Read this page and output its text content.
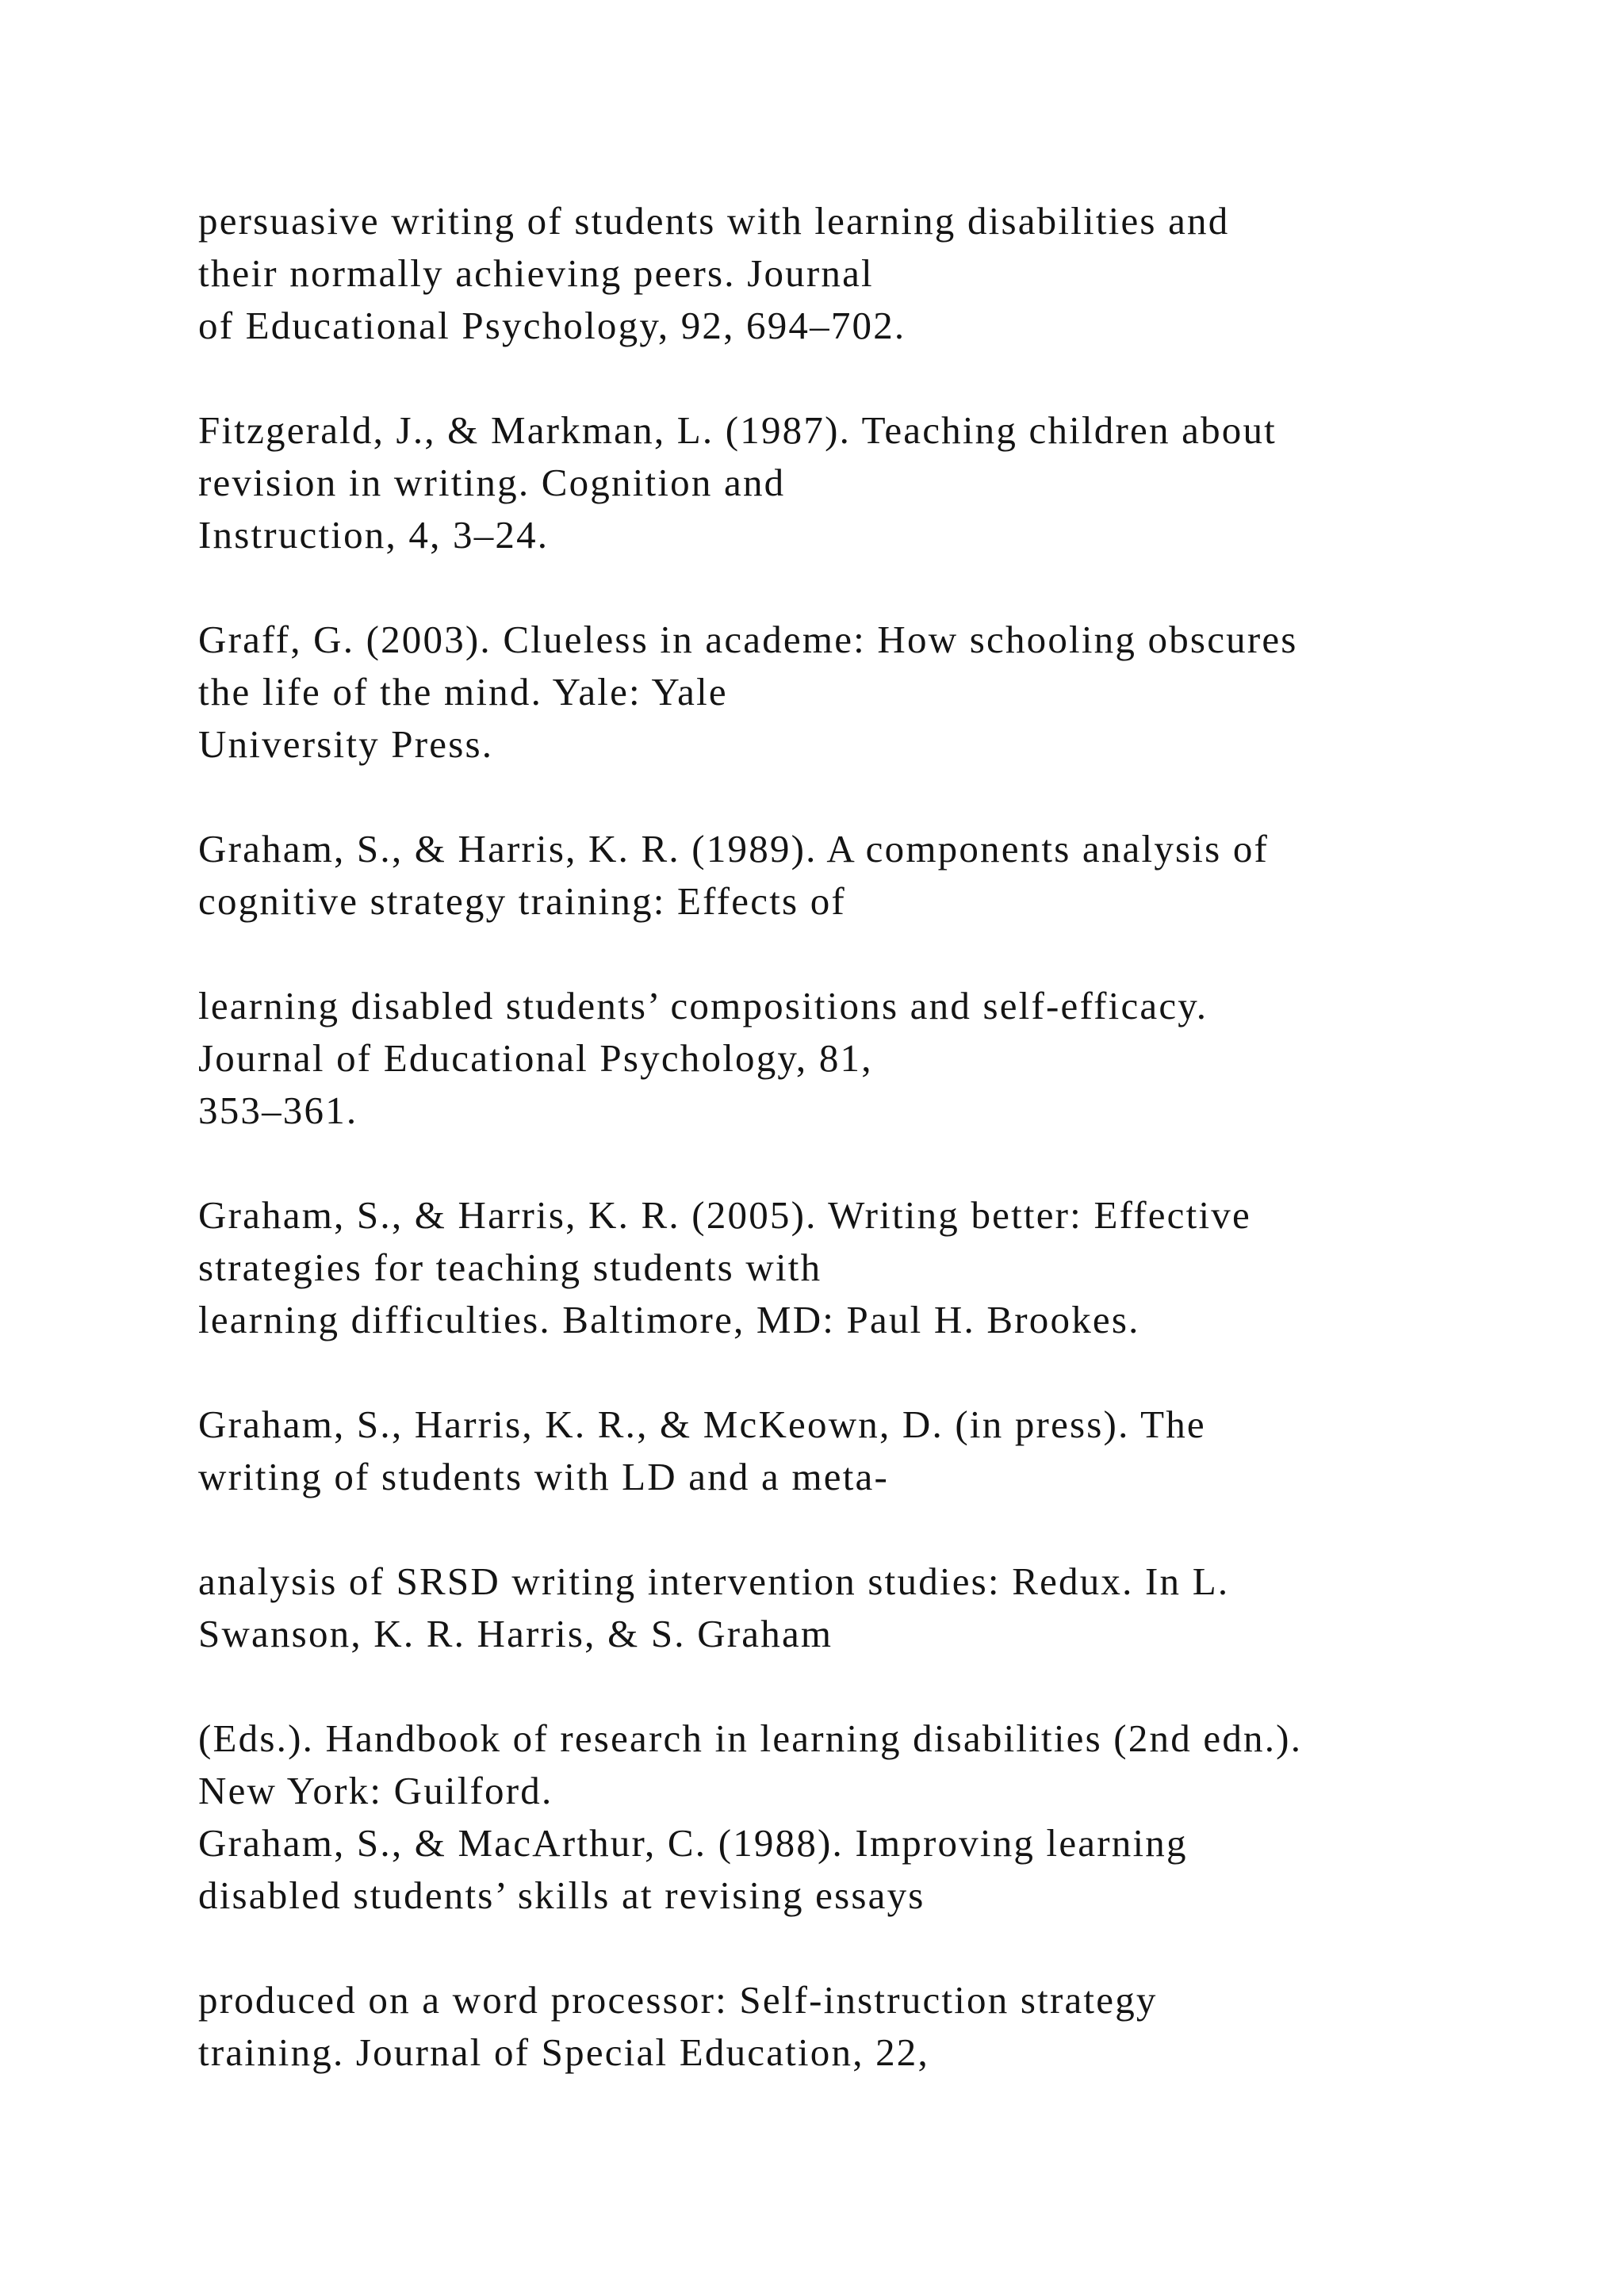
persuasive writing of students with learning disabilities and

their normally achieving peers. Journal

of Educational Psychology, 92, 694–702.

Fitzgerald, J., & Markman, L. (1987). Teaching children about

revision in writing. Cognition and

Instruction, 4, 3–24.

Graff, G. (2003). Clueless in academe: How schooling obscures

the life of the mind. Yale: Yale

University Press.

Graham, S., & Harris, K. R. (1989). A components analysis of

cognitive strategy training: Effects of

learning disabled students’ compositions and self-efficacy.

Journal of Educational Psychology, 81,

353–361.

Graham, S., & Harris, K. R. (2005). Writing better: Effective

strategies for teaching students with

learning difficulties. Baltimore, MD: Paul H. Brookes.

Graham, S., Harris, K. R., & McKeown, D. (in press). The

writing of students with LD and a meta-

analysis of SRSD writing intervention studies: Redux. In L.

Swanson, K. R. Harris, & S. Graham

(Eds.). Handbook of research in learning disabilities (2nd edn.).

New York: Guilford.

Graham, S., & MacArthur, C. (1988). Improving learning

disabled students’ skills at revising essays

produced on a word processor: Self-instruction strategy

training. Journal of Special Education, 22,
